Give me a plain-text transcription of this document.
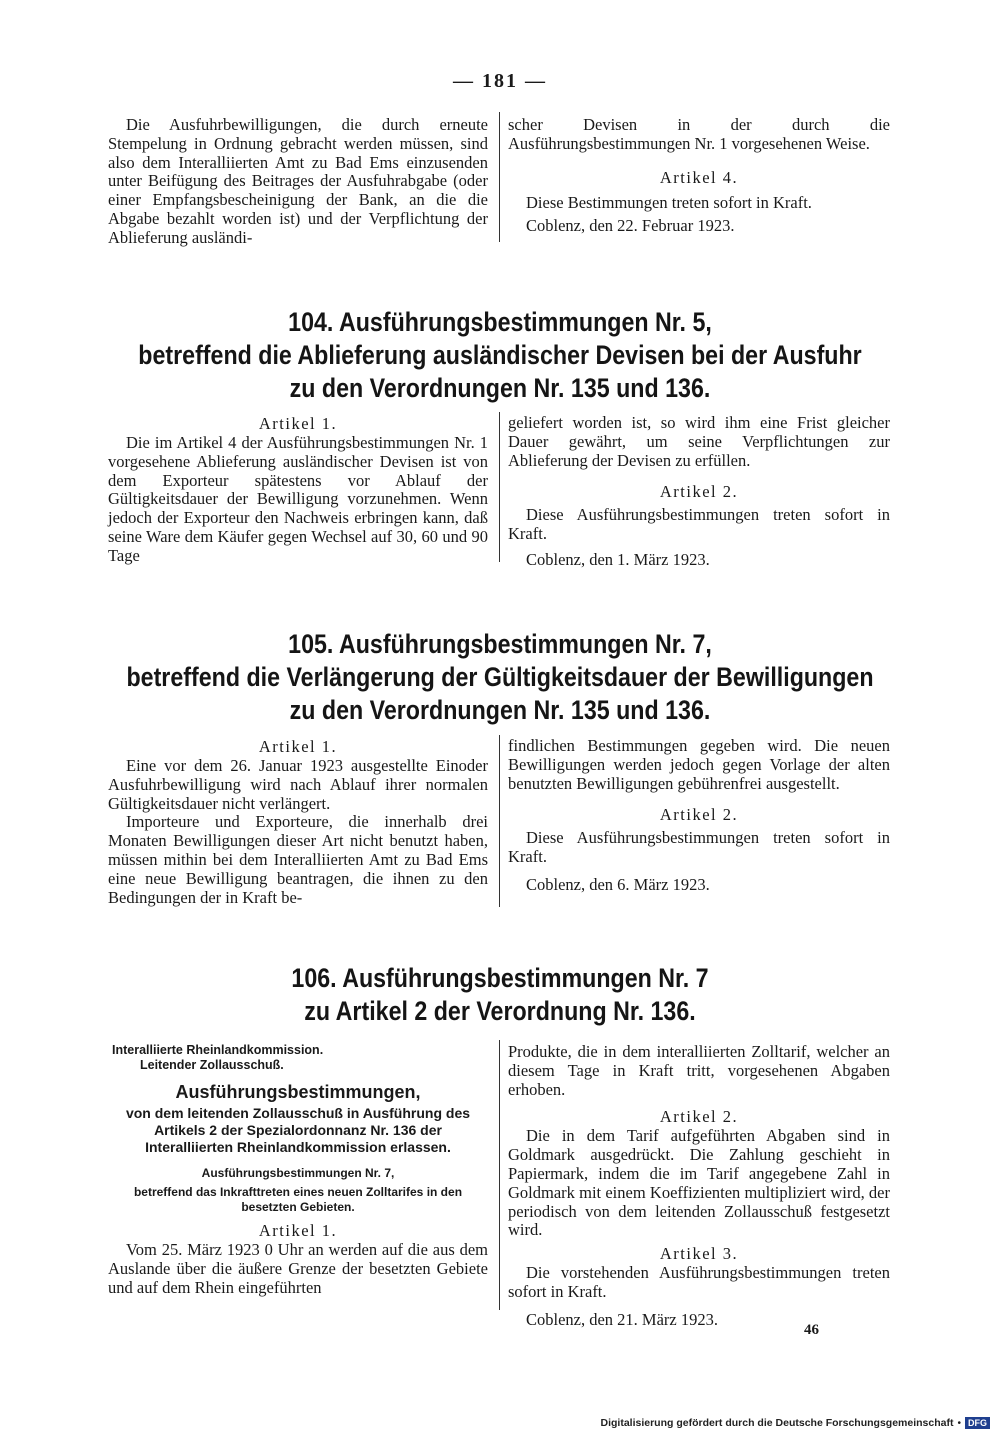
— 181 —

Die Ausfuhrbewilligungen, die durch erneute Stempelung in Ordnung gebracht werden müssen, sind also dem Interalliierten Amt zu Bad Ems einzusenden unter Beifügung des Beitrages der Ausfuhrabgabe (oder einer Empfangsbescheinigung der Bank, an die die Abgabe bezahlt worden ist) und der Verpflichtung der Ablieferung ausländi-

scher Devisen in der durch die Ausführungsbestimmungen Nr. 1 vorgesehenen Weise.

Artikel 4.

Diese Bestimmungen treten sofort in Kraft.

Coblenz, den 22. Februar 1923.
104. Ausführungsbestimmungen Nr. 5,
betreffend die Ablieferung ausländischer Devisen bei der Ausfuhr
zu den Verordnungen Nr. 135 und 136.
Artikel 1.

Die im Artikel 4 der Ausführungsbestimmungen Nr. 1 vorgesehene Ablieferung ausländischer Devisen ist von dem Exporteur spätestens vor Ablauf der Gültigkeitsdauer der Bewilligung vorzunehmen. Wenn jedoch der Exporteur den Nachweis erbringen kann, daß seine Ware dem Käufer gegen Wechsel auf 30, 60 und 90 Tage

geliefert worden ist, so wird ihm eine Frist gleicher Dauer gewährt, um seine Verpflichtungen zur Ablieferung der Devisen zu erfüllen.

Artikel 2.

Diese Ausführungsbestimmungen treten sofort in Kraft.

Coblenz, den 1. März 1923.
105. Ausführungsbestimmungen Nr. 7,
betreffend die Verlängerung der Gültigkeitsdauer der Bewilligungen
zu den Verordnungen Nr. 135 und 136.
Artikel 1.

Eine vor dem 26. Januar 1923 ausgestellte Einoder Ausfuhrbewilligung wird nach Ablauf ihrer normalen Gültigkeitsdauer nicht verlängert.

Importeure und Exporteure, die innerhalb drei Monaten Bewilligungen dieser Art nicht benutzt haben, müssen mithin bei dem Interalliierten Amt zu Bad Ems eine neue Bewilligung beantragen, die ihnen zu den Bedingungen der in Kraft be-

findlichen Bestimmungen gegeben wird. Die neuen Bewilligungen werden jedoch gegen Vorlage der alten benutzten Bewilligungen gebührenfrei ausgestellt.

Artikel 2.

Diese Ausführungsbestimmungen treten sofort in Kraft.

Coblenz, den 6. März 1923.
106. Ausführungsbestimmungen Nr. 7
zu Artikel 2 der Verordnung Nr. 136.
Interalliierte Rheinlandkommission.
Leitender Zollausschuß.
Ausführungsbestimmungen,
von dem leitenden Zollausschuß in Ausführung des Artikels 2 der Spezialordonnanz Nr. 136 der Interalliierten Rheinlandkommission erlassen.
Ausführungsbestimmungen Nr. 7,
betreffend das Inkrafttreten eines neuen Zolltarifes in den besetzten Gebieten.
Artikel 1.

Vom 25. März 1923 0 Uhr an werden auf die aus dem Auslande über die äußere Grenze der besetzten Gebiete und auf dem Rhein eingeführten

Produkte, die in dem interalliierten Zolltarif, welcher an diesem Tage in Kraft tritt, vorgesehenen Abgaben erhoben.

Artikel 2.

Die in dem Tarif aufgeführten Abgaben sind in Goldmark ausgedrückt. Die Zahlung geschieht in Papiermark, indem die im Tarif angegebene Zahl in Goldmark mit einem Koeffizienten multipliziert wird, der periodisch von dem leitenden Zollausschuß festgesetzt wird.

Artikel 3.

Die vorstehenden Ausführungsbestimmungen treten sofort in Kraft.

Coblenz, den 21. März 1923.
46
Digitalisierung gefördert durch die Deutsche Forschungsgemeinschaft • DFG
